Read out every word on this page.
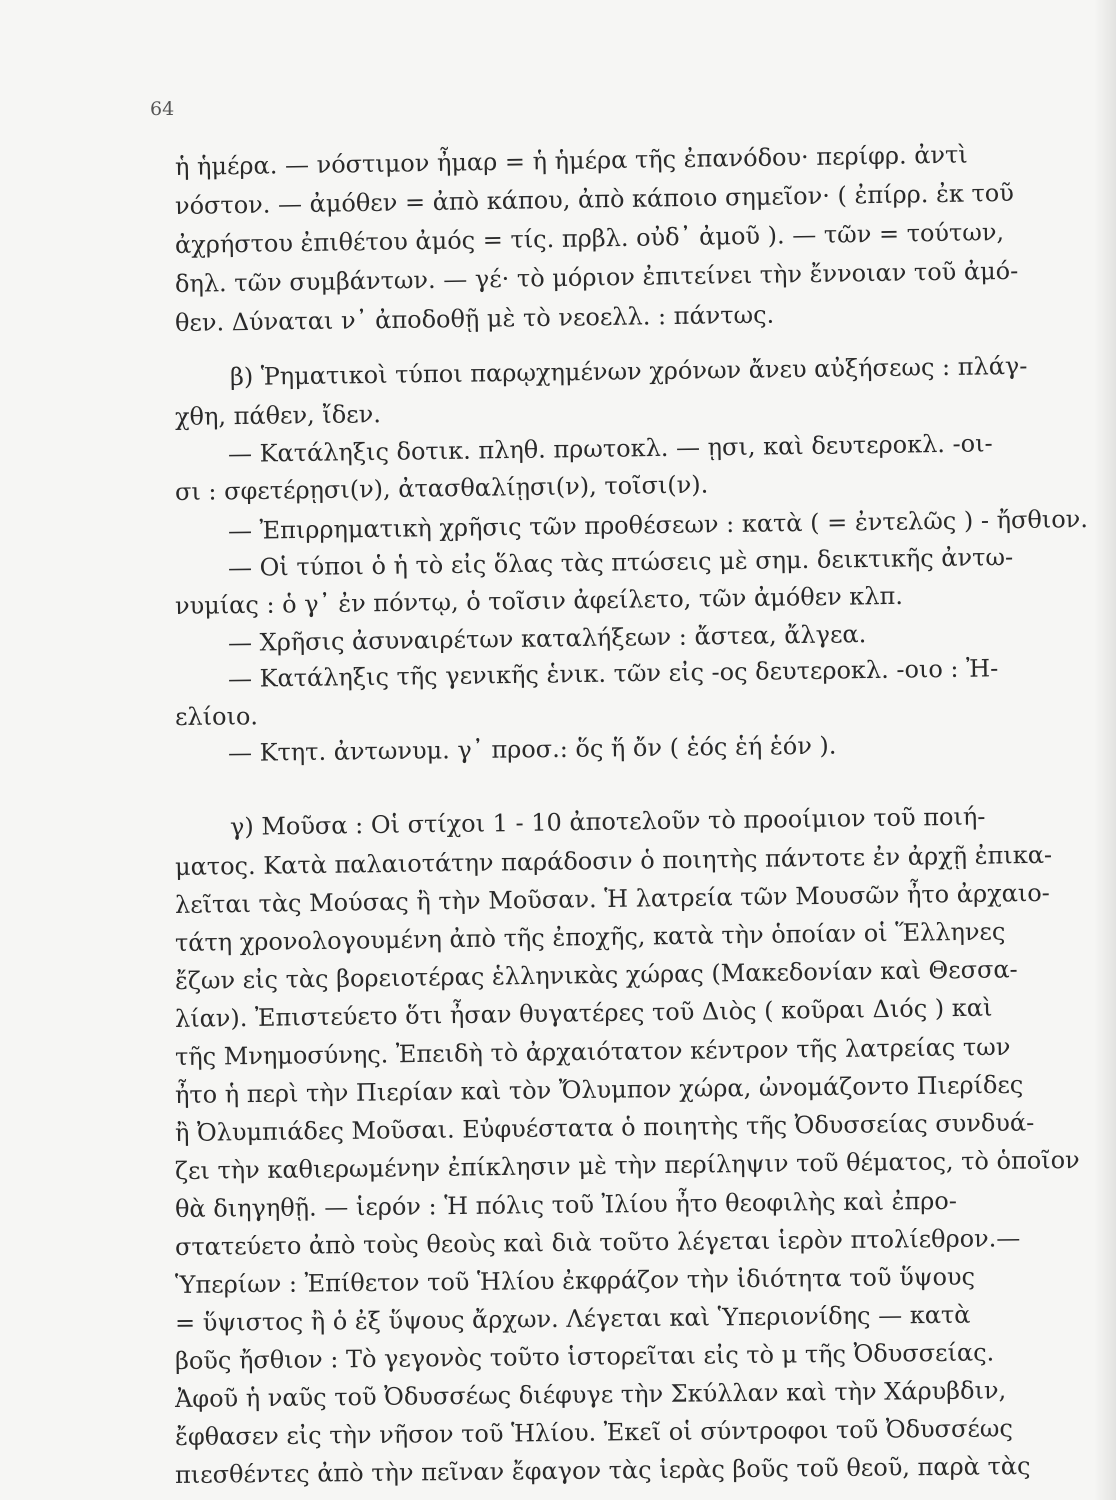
64
ἡ ἡμέρα. — νόστιμον ἦμαρ = ἡ ἡμέρα τῆς ἐπανόδου· περίφρ. ἀντὶ
νόστον. — ἀμόθεν = ἀπὸ κάπου, ἀπὸ κάποιο σημεῖον· ( ἐπίρρ. ἐκ τοῦ
ἀχρήστου ἐπιθέτου ἀμός = τίς. πρβλ. οὐδ᾽ ἀμοῦ ). — τῶν = τούτων,
δηλ. τῶν συμβάντων. — γέ· τὸ μόριον ἐπιτείνει τὴν ἔννοιαν τοῦ ἀμό-
θεν. Δύναται ν᾽ ἀποδοθῇ μὲ τὸ νεοελλ. : πάντως.
β) Ῥηματικοὶ τύποι παρῳχημένων χρόνων ἄνευ αὐξήσεως : πλάγ-
χθη, πάθεν, ἴδεν.
— Κατάληξις δοτικ. πληθ. πρωτοκλ. — ῃσι, καὶ δευτεροκλ. -οι-
σι : σφετέρῃσι(ν), ἀτασθαλίῃσι(ν), τοῖσι(ν).
— Ἐπιρρηματικὴ χρῆσις τῶν προθέσεων : κατὰ ( = ἐντελῶς ) - ἤσθιον.
— Οἱ τύποι ὁ ἡ τὸ εἰς ὅλας τὰς πτώσεις μὲ σημ. δεικτικῆς ἀντω-
νυμίας : ὁ γ᾽ ἐν πόντῳ, ὁ τοῖσιν ἀφείλετο, τῶν ἀμόθεν κλπ.
— Χρῆσις ἀσυναιρέτων καταλήξεων : ἄστεα, ἄλγεα.
— Κατάληξις τῆς γενικῆς ἑνικ. τῶν εἰς -ος δευτεροκλ. -οιο : Ἠ-
ελίοιο.
— Κτητ. ἀντωνυμ. γ᾽ προσ.: ὅς ἥ ὄν ( ἑός ἑή ἑόν ).
γ) Μοῦσα : Οἱ στίχοι 1 - 10 ἀποτελοῦν τὸ προοίμιον τοῦ ποιή-
ματος. Κατὰ παλαιοτάτην παράδοσιν ὁ ποιητὴς πάντοτε ἐν ἀρχῇ ἐπικα-
λεῖται τὰς Μούσας ἢ τὴν Μοῦσαν. Ἡ λατρεία τῶν Μουσῶν ἦτο ἀρχαιο-
τάτη χρονολογουμένη ἀπὸ τῆς ἐποχῆς, κατὰ τὴν ὁποίαν οἱ Ἕλληνες
ἔζων εἰς τὰς βορειοτέρας ἑλληνικὰς χώρας (Μακεδονίαν καὶ Θεσσα-
λίαν). Ἐπιστεύετο ὅτι ἦσαν θυγατέρες τοῦ Διὸς ( κοῦραι Διός ) καὶ
τῆς Μνημοσύνης. Ἐπειδὴ τὸ ἀρχαιότατον κέντρον τῆς λατρείας των
ἦτο ἡ περὶ τὴν Πιερίαν καὶ τὸν Ὄλυμπον χώρα, ὠνομάζοντο Πιερίδες
ἢ Ὀλυμπιάδες Μοῦσαι. Εὐφυέστατα ὁ ποιητὴς τῆς Ὀδυσσείας συνδυά-
ζει τὴν καθιερωμένην ἐπίκλησιν μὲ τὴν περίληψιν τοῦ θέματος, τὸ ὁποῖον
θὰ διηγηθῇ. — ἱερόν : Ἡ πόλις τοῦ Ἰλίου ἦτο θεοφιλὴς καὶ ἐπρο-
στατεύετο ἀπὸ τοὺς θεοὺς καὶ διὰ τοῦτο λέγεται ἱερὸν πτολίεθρον.—
Ὑπερίων : Ἐπίθετον τοῦ Ἡλίου ἐκφράζον τὴν ἰδιότητα τοῦ ὕψους
= ὕψιστος ἢ ὁ ἐξ ὕψους ἄρχων. Λέγεται καὶ Ὑπεριονίδης — κατὰ
βοῦς ἤσθιον : Τὸ γεγονὸς τοῦτο ἱστορεῖται εἰς τὸ μ τῆς Ὀδυσσείας.
Ἀφοῦ ἡ ναῦς τοῦ Ὀδυσσέως διέφυγε τὴν Σκύλλαν καὶ τὴν Χάρυβδιν,
ἔφθασεν εἰς τὴν νῆσον τοῦ Ἡλίου. Ἐκεῖ οἱ σύντροφοι τοῦ Ὀδυσσέως
πιεσθέντες ἀπὸ τὴν πεῖναν ἔφαγον τὰς ἱερὰς βοῦς τοῦ θεοῦ, παρὰ τὰς
